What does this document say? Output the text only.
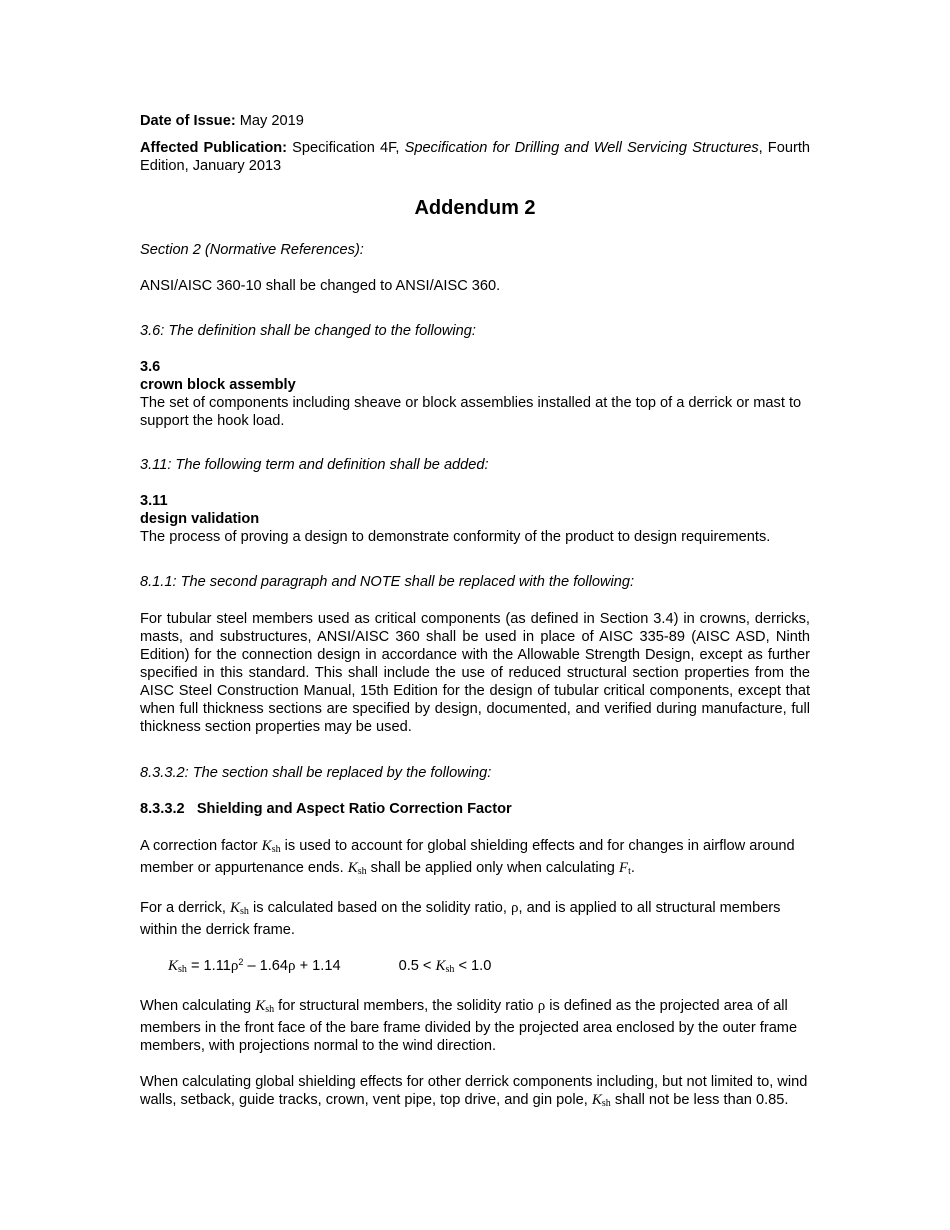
Date of Issue: May 2019

Affected Publication: Specification 4F, Specification for Drilling and Well Servicing Structures, Fourth Edition, January 2013

Addendum 2

Section 2 (Normative References):

ANSI/AISC 360-10 shall be changed to ANSI/AISC 360.

3.6: The definition shall be changed to the following:

3.6

crown block assembly

The set of components including sheave or block assemblies installed at the top of a derrick or mast to support the hook load.

3.11: The following term and definition shall be added:

3.11

design validation

The process of proving a design to demonstrate conformity of the product to design requirements.

8.1.1: The second paragraph and NOTE shall be replaced with the following:

For tubular steel members used as critical components (as defined in Section 3.4) in crowns, derricks, masts, and substructures, ANSI/AISC 360 shall be used in place of AISC 335-89 (AISC ASD, Ninth Edition) for the connection design in accordance with the Allowable Strength Design, except as further specified in this standard. This shall include the use of reduced structural section properties from the AISC Steel Construction Manual, 15th Edition for the design of tubular critical components, except that when full thickness sections are specified by design, documented, and verified during manufacture, full thickness section properties may be used.

8.3.3.2: The section shall be replaced by the following:

8.3.3.2 Shielding and Aspect Ratio Correction Factor

A correction factor $K_{sh}$ is used to account for global shielding effects and for changes in airflow around member or appurtenance ends. $K_{sh}$ shall be applied only when calculating $F_t$.

For a derrick, $K_{sh}$ is calculated based on the solidity ratio, ρ, and is applied to all structural members within the derrick frame.

$K_{sh} = 1.11\rho^2 - 1.64\rho + 1.14$	$0.5 < K_{sh} < 1.0$

When calculating $K_{sh}$ for structural members, the solidity ratio ρ is defined as the projected area of all members in the front face of the bare frame divided by the projected area enclosed by the outer frame members, with projections normal to the wind direction.

When calculating global shielding effects for other derrick components including, but not limited to, wind walls, setback, guide tracks, crown, vent pipe, top drive, and gin pole, $K_{sh}$ shall not be less than 0.85.
